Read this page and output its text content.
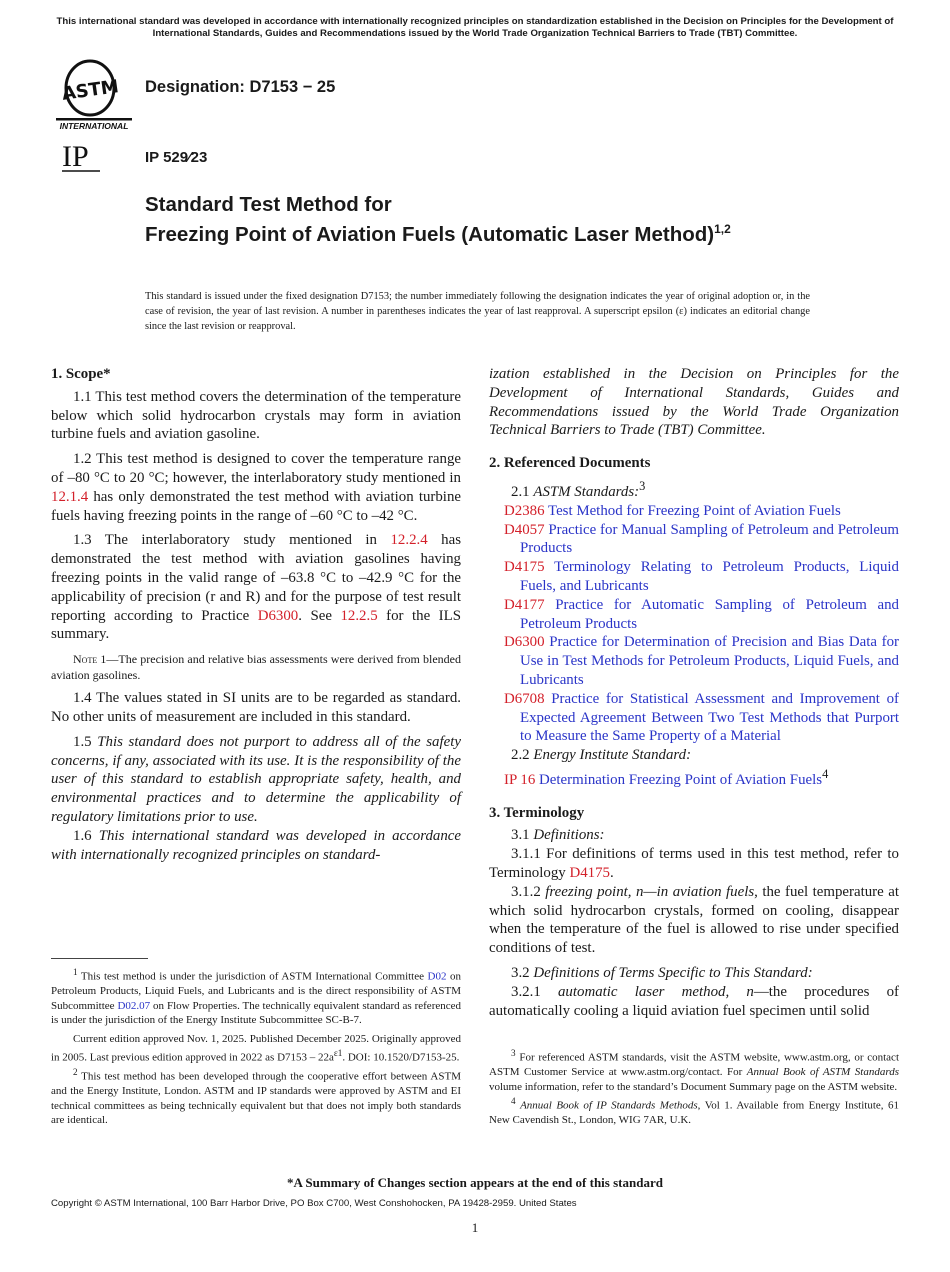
This international standard was developed in accordance with internationally recognized principles on standardization established in the Decision on Principles for the Development of International Standards, Guides and Recommendations issued by the World Trade Organization Technical Barriers to Trade (TBT) Committee.
ASTM
INTERNATIONAL
IP
Designation: D7153 − 25
IP 529⁄23
Standard Test Method for
Freezing Point of Aviation Fuels (Automatic Laser Method)$^{1,2}$
This standard is issued under the fixed designation D7153; the number immediately following the designation indicates the year of original adoption or, in the case of revision, the year of last revision. A number in parentheses indicates the year of last reapproval. A superscript epsilon (ε) indicates an editorial change since the last revision or reapproval.

1. Scope*

1.1 This test method covers the determination of the temperature below which solid hydrocarbon crystals may form in aviation turbine fuels and aviation gasoline.

1.2 This test method is designed to cover the temperature range of –80 °C to 20 °C; however, the interlaboratory study mentioned in 12.1.4 has only demonstrated the test method with aviation turbine fuels having freezing points in the range of –60 °C to –42 °C.

1.3 The interlaboratory study mentioned in 12.2.4 has demonstrated the test method with aviation gasolines having freezing points in the valid range of –63.8 °C to –42.9 °C for the applicability of precision (r and R) and for the purpose of test result reporting according to Practice D6300. See 12.2.5 for the ILS summary.

Note 1—The precision and relative bias assessments were derived from blended aviation gasolines.

1.4 The values stated in SI units are to be regarded as standard. No other units of measurement are included in this standard.

1.5 This standard does not purport to address all of the safety concerns, if any, associated with its use. It is the responsibility of the user of this standard to establish appropriate safety, health, and environmental practices and to determine the applicability of regulatory limitations prior to use.

1.6 This international standard was developed in accordance with internationally recognized principles on standard-

$^1$ This test method is under the jurisdiction of ASTM International Committee D02 on Petroleum Products, Liquid Fuels, and Lubricants and is the direct responsibility of ASTM Subcommittee D02.07 on Flow Properties. The technically equivalent standard as referenced is under the jurisdiction of the Energy Institute Subcommittee SC-B-7.

Current edition approved Nov. 1, 2025. Published December 2025. Originally approved in 2005. Last previous edition approved in 2022 as $D7153 - 22a^{\varepsilon 1}$. DOI: 10.1520/D7153-25.

$^2$ This test method has been developed through the cooperative effort between ASTM and the Energy Institute, London. ASTM and IP standards were approved by ASTM and EI technical committees as being technically equivalent but that does not imply both standards are identical.

ization established in the Decision on Principles for the Development of International Standards, Guides and Recommendations issued by the World Trade Organization Technical Barriers to Trade (TBT) Committee.

2. Referenced Documents

2.1 ASTM Standards:$^3$

D2386 Test Method for Freezing Point of Aviation Fuels

D4057 Practice for Manual Sampling of Petroleum and Petroleum Products

D4175 Terminology Relating to Petroleum Products, Liquid Fuels, and Lubricants

D4177 Practice for Automatic Sampling of Petroleum and Petroleum Products

D6300 Practice for Determination of Precision and Bias Data for Use in Test Methods for Petroleum Products, Liquid Fuels, and Lubricants

D6708 Practice for Statistical Assessment and Improvement of Expected Agreement Between Two Test Methods that Purport to Measure the Same Property of a Material

2.2 Energy Institute Standard:

IP 16 Determination Freezing Point of Aviation Fuels$^4$

3. Terminology

3.1 Definitions:

3.1.1 For definitions of terms used in this test method, refer to Terminology D4175.

3.1.2 freezing point, n—in aviation fuels, the fuel temperature at which solid hydrocarbon crystals, formed on cooling, disappear when the temperature of the fuel is allowed to rise under specified conditions of test.

3.2 Definitions of Terms Specific to This Standard:

3.2.1 automatic laser method, n—the procedures of automatically cooling a liquid aviation fuel specimen until solid

$^3$ For referenced ASTM standards, visit the ASTM website, www.astm.org, or contact ASTM Customer Service at www.astm.org/contact. For Annual Book of ASTM Standards volume information, refer to the standard’s Document Summary page on the ASTM website.

$^4$ Annual Book of IP Standards Methods, Vol 1. Available from Energy Institute, 61 New Cavendish St., London, WIG 7AR, U.K.

*A Summary of Changes section appears at the end of this standard
Copyright © ASTM International, 100 Barr Harbor Drive, PO Box C700, West Conshohocken, PA 19428-2959. United States
1
